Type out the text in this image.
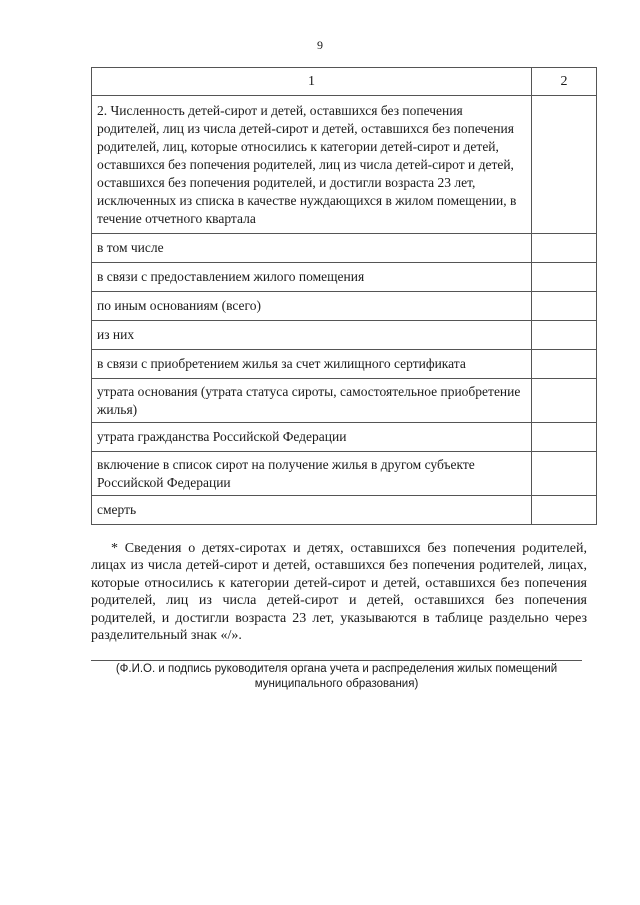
9
1	2
2. Численность детей-сирот и детей, оставшихся без попечения родителей, лиц из числа детей-сирот и детей, оставшихся без попечения родителей, лиц, которые относились к категории детей-сирот и детей, оставшихся без попечения родителей, лиц из числа детей-сирот и детей, оставшихся без попечения родителей, и достигли возраста 23 лет, исключенных из списка в качестве нуждающихся в жилом помещении, в течение отчетного квартала	
в том числе	
в связи с предоставлением жилого помещения	
по иным основаниям (всего)	
из них	
в связи с приобретением жилья за счет жилищного сертификата	
утрата основания (утрата статуса сироты, самостоятельное приобретение жилья)	
утрата гражданства Российской Федерации	
включение в список сирот на получение жилья в другом субъекте Российской Федерации	
смерть	
* Сведения о детях-сиротах и детях, оставшихся без попечения родителей, лицах из числа детей-сирот и детей, оставшихся без попечения родителей, лицах, которые относились к категории детей-сирот и детей, оставшихся без попечения родителей, лиц из числа детей-сирот и детей, оставшихся без попечения родителей, и достигли возраста 23 лет, указываются в таблице раздельно через разделительный знак «/».
(Ф.И.О. и подпись руководителя органа учета и распределения жилых помещений
муниципального образования)
